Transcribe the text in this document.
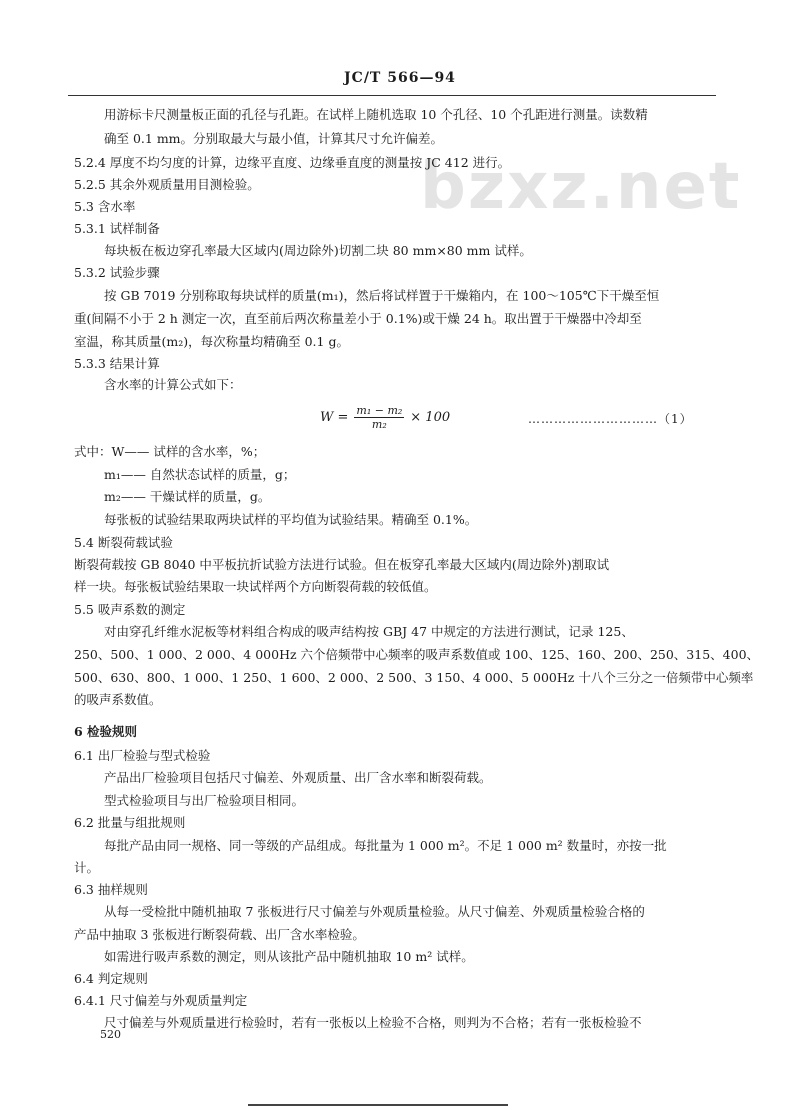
bzxz.net
JC/T 566—94
用游标卡尺测量板正面的孔径与孔距。在试样上随机选取 10 个孔径、10 个孔距进行测量。读数精
确至 0.1 mm。分别取最大与最小值，计算其尺寸允许偏差。
5.2.4 厚度不均匀度的计算，边缘平直度、边缘垂直度的测量按 JC 412 进行。
5.2.5 其余外观质量用目测检验。
5.3 含水率
5.3.1 试样制备
每块板在板边穿孔率最大区域内(周边除外)切割二块 80 mm×80 mm 试样。
5.3.2 试验步骤
按 GB 7019 分别称取每块试样的质量(m₁)，然后将试样置于干燥箱内，在 100～105℃下干燥至恒
重(间隔不小于 2 h 测定一次，直至前后两次称量差小于 0.1%)或干燥 24 h。取出置于干燥器中冷却至
室温，称其质量(m₂)，每次称量均精确至 0.1 g。
5.3.3 结果计算
含水率的计算公式如下：
式中：W—— 试样的含水率，%；
m₁—— 自然状态试样的质量，g；
m₂—— 干燥试样的质量，g。
每张板的试验结果取两块试样的平均值为试验结果。精确至 0.1%。
5.4 断裂荷载试验
断裂荷载按 GB 8040 中平板抗折试验方法进行试验。但在板穿孔率最大区域内(周边除外)割取试
样一块。每张板试验结果取一块试样两个方向断裂荷载的较低值。
5.5 吸声系数的测定
对由穿孔纤维水泥板等材料组合构成的吸声结构按 GBJ 47 中规定的方法进行测试，记录 125、
250、500、1 000、2 000、4 000Hz 六个倍频带中心频率的吸声系数值或 100、125、160、200、250、315、400、
500、630、800、1 000、1 250、1 600、2 000、2 500、3 150、4 000、5 000Hz 十八个三分之一倍频带中心频率
的吸声系数值。
6 检验规则
6.1 出厂检验与型式检验
产品出厂检验项目包括尺寸偏差、外观质量、出厂含水率和断裂荷载。
型式检验项目与出厂检验项目相同。
6.2 批量与组批规则
每批产品由同一规格、同一等级的产品组成。每批量为 1 000 m²。不足 1 000 m² 数量时，亦按一批
计。
6.3 抽样规则
从每一受检批中随机抽取 7 张板进行尺寸偏差与外观质量检验。从尺寸偏差、外观质量检验合格的
产品中抽取 3 张板进行断裂荷载、出厂含水率检验。
如需进行吸声系数的测定，则从该批产品中随机抽取 10 m² 试样。
6.4 判定规则
6.4.1 尺寸偏差与外观质量判定
尺寸偏差与外观质量进行检验时，若有一张板以上检验不合格，则判为不合格；若有一张板检验不
$W = \frac{\text{m₁ − m₂}}{\text{m₂}} \times 100$	…………………………（1）
520
